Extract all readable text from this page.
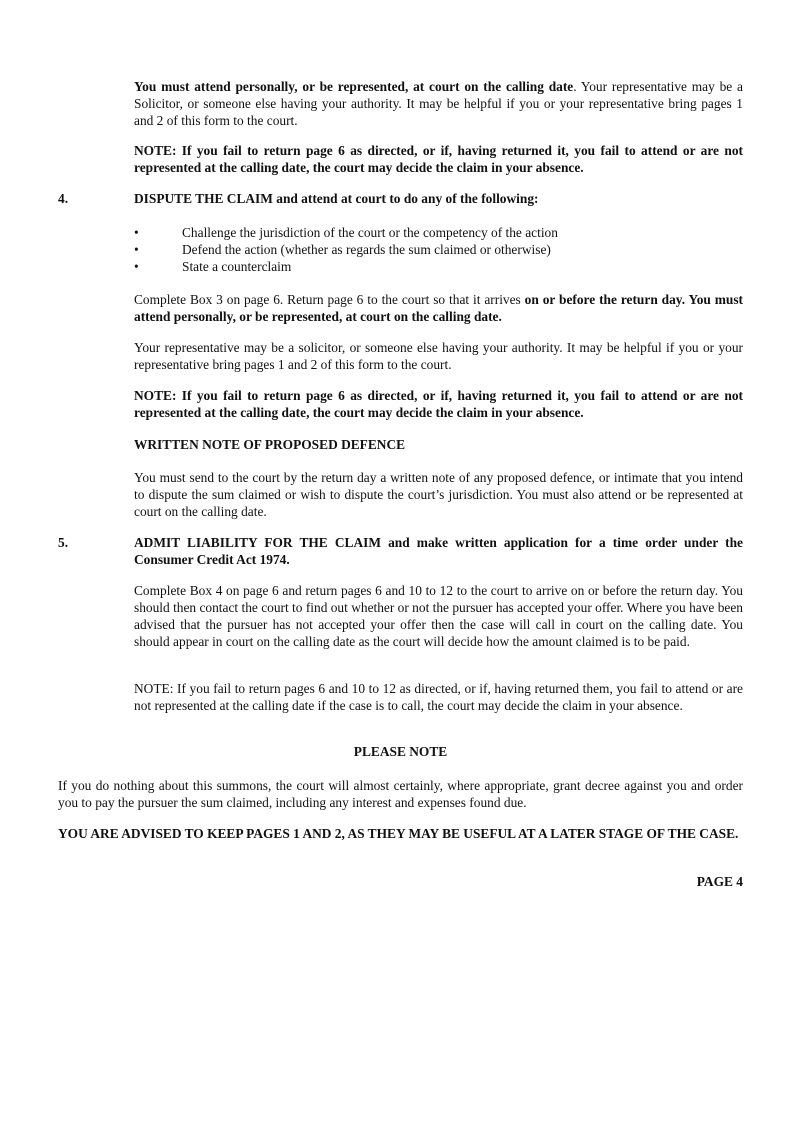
You must attend personally, or be represented, at court on the calling date. Your representative may be a Solicitor, or someone else having your authority. It may be helpful if you or your representative bring pages 1 and 2 of this form to the court.

NOTE: If you fail to return page 6 as directed, or if, having returned it, you fail to attend or are not represented at the calling date, the court may decide the claim in your absence.

4.	DISPUTE THE CLAIM and attend at court to do any of the following:

•	Challenge the jurisdiction of the court or the competency of the action
•	Defend the action (whether as regards the sum claimed or otherwise)
•	State a counterclaim

Complete Box 3 on page 6. Return page 6 to the court so that it arrives on or before the return day. You must attend personally, or be represented, at court on the calling date.

Your representative may be a solicitor, or someone else having your authority. It may be helpful if you or your representative bring pages 1 and 2 of this form to the court.

NOTE: If you fail to return page 6 as directed, or if, having returned it, you fail to attend or are not represented at the calling date, the court may decide the claim in your absence.

WRITTEN NOTE OF PROPOSED DEFENCE

You must send to the court by the return day a written note of any proposed defence, or intimate that you intend to dispute the sum claimed or wish to dispute the court’s jurisdiction. You must also attend or be represented at court on the calling date.

5.	ADMIT LIABILITY FOR THE CLAIM and make written application for a time order under the Consumer Credit Act 1974.

Complete Box 4 on page 6 and return pages 6 and 10 to 12 to the court to arrive on or before the return day. You should then contact the court to find out whether or not the pursuer has accepted your offer. Where you have been advised that the pursuer has not accepted your offer then the case will call in court on the calling date. You should appear in court on the calling date as the court will decide how the amount claimed is to be paid.

NOTE: If you fail to return pages 6 and 10 to 12 as directed, or if, having returned them, you fail to attend or are not represented at the calling date if the case is to call, the court may decide the claim in your absence.

PLEASE NOTE

If you do nothing about this summons, the court will almost certainly, where appropriate, grant decree against you and order you to pay the pursuer the sum claimed, including any interest and expenses found due.

YOU ARE ADVISED TO KEEP PAGES 1 AND 2, AS THEY MAY BE USEFUL AT A LATER STAGE OF THE CASE.

PAGE 4
